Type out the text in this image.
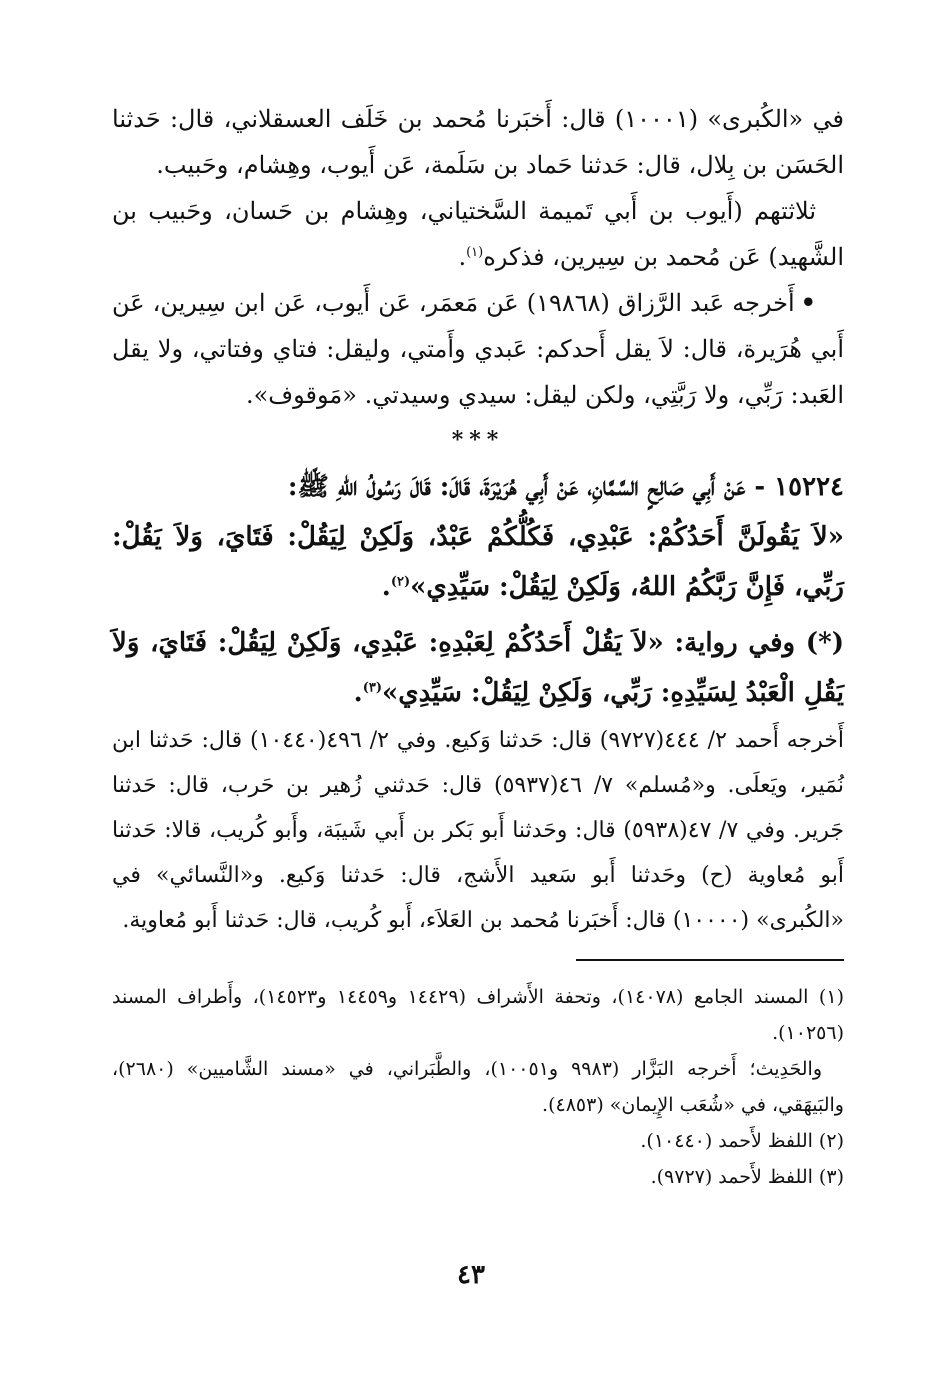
في «الكُبرى» (١٠٠٠١) قال: أَخبَرنا مُحمد بن خَلَف العسقلاني، قال: حَدثنا الحَسَن بن بِلال، قال: حَدثنا حَماد بن سَلَمة، عَن أَيوب، وهِشام، وحَبيب.

ثلاثتهم (أَيوب بن أَبي تَميمة السَّختياني، وهِشام بن حَسان، وحَبيب بن الشَّهيد) عَن مُحمد بن سِيرين، فذكره$^{(١)}$.

•أَخرجه عَبد الرَّزاق (١٩٨٦٨) عَن مَعمَر، عَن أَيوب، عَن ابن سِيرين، عَن أَبي هُرَيرة، قال: لاَ يقل أَحدكم: عَبدي وأَمتي، وليقل: فتاي وفتاتي، ولا يقل العَبد: رَبِّي، ولا رَبَّتِي، ولكن ليقل: سيدي وسيدتي. «مَوقوف».

***

١٥٢٢٤ - عَنْ أَبِي صَالِحٍ السَّمَّانِ، عَنْ أَبِي هُرَيْرَةَ، قَالَ: قَالَ رَسُولُ اللهِ ﷺ:

«لاَ يَقُولَنَّ أَحَدُكُمْ: عَبْدِي، فَكُلُّكُمْ عَبْدٌ، وَلَكِنْ لِيَقُلْ: فَتَايَ، وَلاَ يَقُلْ: رَبِّي، فَإِنَّ رَبَّكُمُ اللهُ، وَلَكِنْ لِيَقُلْ: سَيِّدِي»$^{(٢)}$.

(*) وفي رواية: «لاَ يَقُلْ أَحَدُكُمْ لِعَبْدِهِ: عَبْدِي، وَلَكِنْ لِيَقُلْ: فَتَايَ، وَلاَ يَقُلِ الْعَبْدُ لِسَيِّدِهِ: رَبِّي، وَلَكِنْ لِيَقُلْ: سَيِّدِي»$^{(٣)}$.

أَخرجه أَحمد ٢/ ٤٤٤(٩٧٢٧) قال: حَدثنا وَكيع. وفي ٢/ ٤٩٦(١٠٤٤٠) قال: حَدثنا ابن نُمَير، ويَعلَى. و«مُسلم» ٧/ ٤٦(٥٩٣٧) قال: حَدثني زُهير بن حَرب، قال: حَدثنا جَرير. وفي ٧/ ٤٧(٥٩٣٨) قال: وحَدثنا أَبو بَكر بن أَبي شَيبَة، وأَبو كُريب، قالا: حَدثنا أَبو مُعاوية (ح) وحَدثنا أَبو سَعيد الأَشج، قال: حَدثنا وَكيع. و«النَّسائي» في «الكُبرى» (١٠٠٠٠) قال: أَخبَرنا مُحمد بن العَلاَء، أَبو كُريب، قال: حَدثنا أَبو مُعاوية.

(١) المسند الجامع (١٤٠٧٨)، وتحفة الأَشراف (١٤٤٢٩ و١٤٤٥٩ و١٤٥٢٣)، وأَطراف المسند (١٠٢٥٦).

والحَدِيث؛ أَخرجه البَزَّار (٩٩٨٣ و١٠٠٥١)، والطَّبَراني، في «مسند الشَّاميين» (٢٦٨٠)، والبَيهَقي، في «شُعَب الإِيمان» (٤٨٥٣).

(٢) اللفظ لأَحمد (١٠٤٤٠).

(٣) اللفظ لأَحمد (٩٧٢٧).

٤٣
